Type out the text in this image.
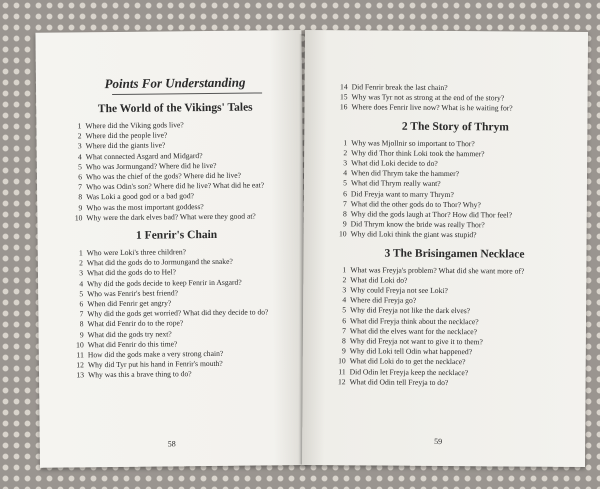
Points For Understanding
The World of the Vikings' Tales
1 Where did the Viking gods live?
2 Where did the people live?
3 Where did the giants live?
4 What connected Asgard and Midgard?
5 Who was Jormungand? Where did he live?
6 Who was the chief of the gods? Where did he live?
7 Who was Odin's son? Where did he live? What did he eat?
8 Was Loki a good god or a bad god?
9 Who was the most important goddess?
10 Why were the dark elves bad? What were they good at?
1 Fenrir's Chain
1 Who were Loki's three children?
2 What did the gods do to Jormungand the snake?
3 What did the gods do to Hel?
4 Why did the gods decide to keep Fenrir in Asgard?
5 Who was Fenrir's best friend?
6 When did Fenrir get angry?
7 Why did the gods get worried? What did they decide to do?
8 What did Fenrir do to the rope?
9 What did the gods try next?
10 What did Fenrir do this time?
11 How did the gods make a very strong chain?
12 Why did Tyr put his hand in Fenrir's mouth?
13 Why was this a brave thing to do?
58
14 Did Fenrir break the last chain?
15 Why was Tyr not as strong at the end of the story?
16 Where does Fenrir live now? What is he waiting for?
2 The Story of Thrym
1 Why was Mjollnir so important to Thor?
2 Why did Thor think Loki took the hammer?
3 What did Loki decide to do?
4 When did Thrym take the hammer?
5 What did Thrym really want?
6 Did Freyja want to marry Thrym?
7 What did the other gods do to Thor? Why?
8 Why did the gods laugh at Thor? How did Thor feel?
9 Did Thrym know the bride was really Thor?
10 Why did Loki think the giant was stupid?
3 The Brisingamen Necklace
1 What was Freyja's problem? What did she want more of?
2 What did Loki do?
3 Why could Freyja not see Loki?
4 Where did Freyja go?
5 Why did Freyja not like the dark elves?
6 What did Freyja think about the necklace?
7 What did the elves want for the necklace?
8 Why did Freyja not want to give it to them?
9 Why did Loki tell Odin what happened?
10 What did Loki do to get the necklace?
11 Did Odin let Freyja keep the necklace?
12 What did Odin tell Freyja to do?
59
